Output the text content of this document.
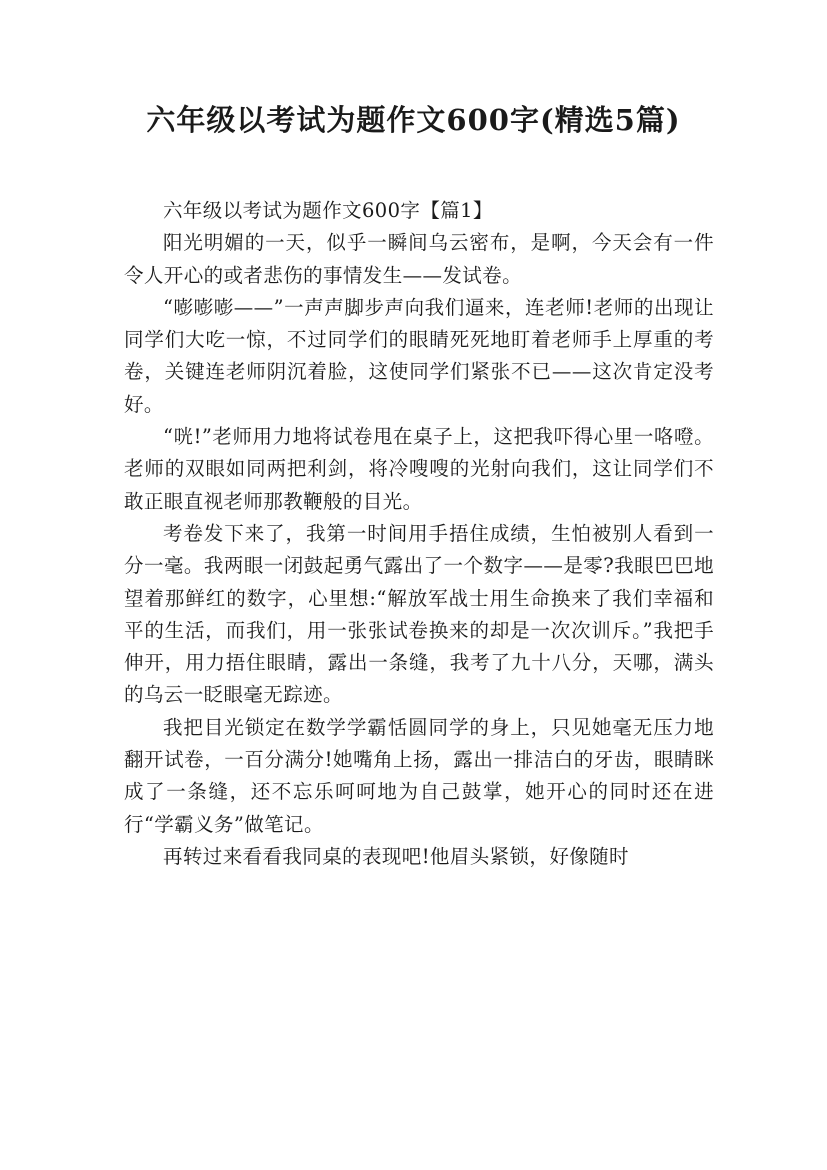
六年级以考试为题作文600字(精选5篇)

六年级以考试为题作文600字【篇1】

阳光明媚的一天，似乎一瞬间乌云密布，是啊，今天会有一件令人开心的或者悲伤的事情发生——发试卷。

“嘭嘭嘭——”一声声脚步声向我们逼来，连老师!老师的出现让同学们大吃一惊，不过同学们的眼睛死死地盯着老师手上厚重的考卷，关键连老师阴沉着脸，这使同学们紧张不已——这次肯定没考好。

“咣!”老师用力地将试卷甩在桌子上，这把我吓得心里一咯噔。老师的双眼如同两把利剑，将冷嗖嗖的光射向我们，这让同学们不敢正眼直视老师那教鞭般的目光。

考卷发下来了，我第一时间用手捂住成绩，生怕被别人看到一分一毫。我两眼一闭鼓起勇气露出了一个数字——是零?我眼巴巴地望着那鲜红的数字，心里想:“解放军战士用生命换来了我们幸福和平的生活，而我们，用一张张试卷换来的却是一次次训斥。”我把手伸开，用力捂住眼睛，露出一条缝，我考了九十八分，天哪，满头的乌云一眨眼毫无踪迹。

我把目光锁定在数学学霸恬圆同学的身上，只见她毫无压力地翻开试卷，一百分满分!她嘴角上扬，露出一排洁白的牙齿，眼睛眯成了一条缝，还不忘乐呵呵地为自己鼓掌，她开心的同时还在进行“学霸义务”做笔记。

再转过来看看我同桌的表现吧!他眉头紧锁，好像随时
